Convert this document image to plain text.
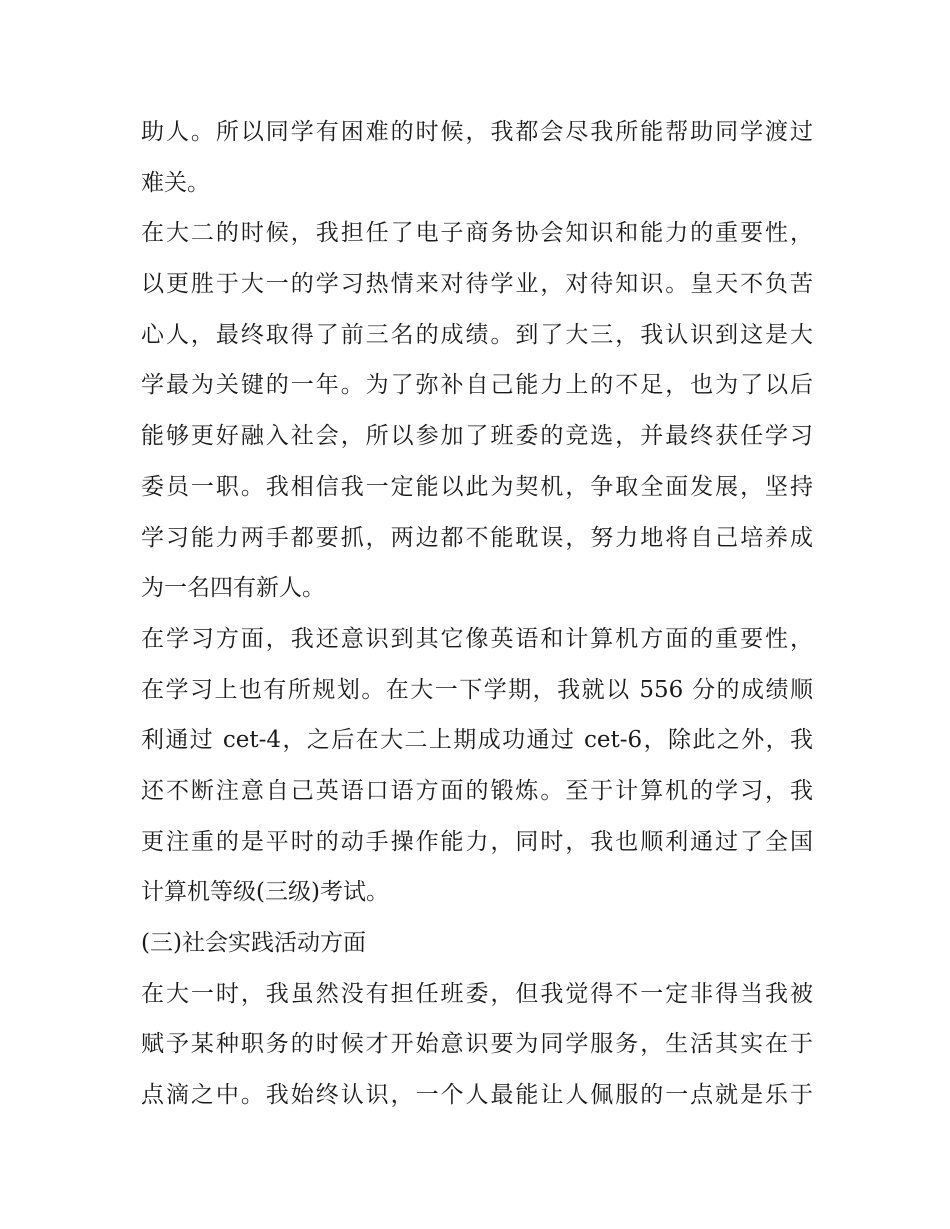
助人。所以同学有困难的时候，我都会尽我所能帮助同学渡过
难关。
在大二的时候，我担任了电子商务协会知识和能力的重要性，
以更胜于大一的学习热情来对待学业，对待知识。皇天不负苦
心人，最终取得了前三名的成绩。到了大三，我认识到这是大
学最为关键的一年。为了弥补自己能力上的不足，也为了以后
能够更好融入社会，所以参加了班委的竞选，并最终获任学习
委员一职。我相信我一定能以此为契机，争取全面发展，坚持
学习能力两手都要抓，两边都不能耽误，努力地将自己培养成
为一名四有新人。
在学习方面，我还意识到其它像英语和计算机方面的重要性，
在学习上也有所规划。在大一下学期，我就以 556 分的成绩顺
利通过 cet-4，之后在大二上期成功通过 cet-6，除此之外，我
还不断注意自己英语口语方面的锻炼。至于计算机的学习，我
更注重的是平时的动手操作能力，同时，我也顺利通过了全国
计算机等级(三级)考试。
(三)社会实践活动方面
在大一时，我虽然没有担任班委，但我觉得不一定非得当我被
赋予某种职务的时候才开始意识要为同学服务，生活其实在于
点滴之中。我始终认识，一个人最能让人佩服的一点就是乐于
